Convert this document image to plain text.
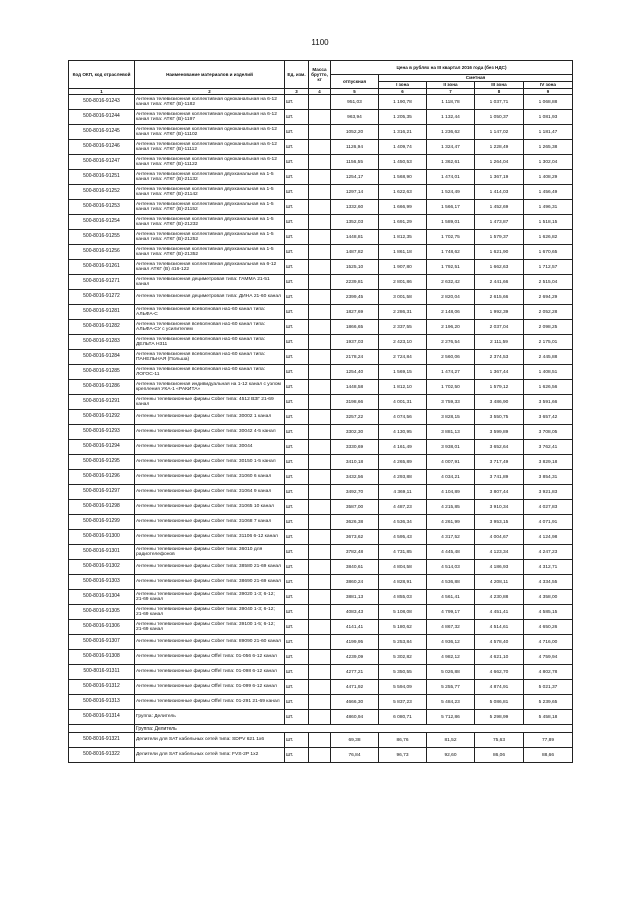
1100
Код ОКП, код отраслевой	Наименование материалов и изделий	Ед. изм.	Масса брутто, кг	Цена в рублях на III квартал 2016 года (без НДС)				
				отпускная	Сметная			
					I зона	II зона	III зона	IV зона
1	2	3	4	5	6	7	8	9
500-8016-91243	Антенна телевизионная коллективная одноканальная на 6-12 канал типа: АТКГ (В)-1182	шт.		951,03	1 190,78	1 118,78	1 037,71	1 068,88
500-8016-91244	Антенна телевизионная коллективная одноканальная на 6-12 канал типа: АТКГ (В)-1197	шт.		963,94	1 205,35	1 132,44	1 050,37	1 081,93
500-8016-91245	Антенна телевизионная коллективная одноканальная на 6-12 канал типа: АТКГ (В)-11102	шт.		1052,20	1 316,21	1 236,62	1 147,02	1 181,47
500-8016-91246	Антенна телевизионная коллективная одноканальная на 6-12 канал типа: АТКГ (В)-11112	шт.		1126,94	1 409,74	1 324,47	1 228,49	1 265,38
500-8016-91247	Антенна телевизионная коллективная одноканальная на 6-12 канал типа: АТКГ (В)-11122	шт.		1156,55	1 450,53	1 362,61	1 264,04	1 302,04
500-8016-91251	Антенна телевизионная коллективная двухканальная на 1-5 канал типа: АТКГ (В)-21132	шт.		1254,17	1 568,90	1 474,01	1 367,19	1 408,29
500-8016-91252	Антенна телевизионная коллективная двухканальная на 1-5 канал типа: АТКГ (В)-21142	шт.		1297,14	1 622,63	1 524,49	1 414,03	1 456,49
500-8016-91253	Антенна телевизионная коллективная двухканальная на 1-5 канал типа: АТКГ (В)-21152	шт.		1332,60	1 666,99	1 566,17	1 452,69	1 496,31
500-8016-91254	Антенна телевизионная коллективная двухканальная на 1-5 канал типа: АТКГ (В)-21232	шт.		1352,03	1 691,29	1 589,01	1 473,87	1 518,15
500-8016-91255	Антенна телевизионная коллективная двухканальная на 1-5 канал типа: АТКГ (В)-21252	шт.		1448,81	1 812,35	1 702,75	1 579,37	1 626,82
500-8016-91256	Антенна телевизионная коллективная двухканальная на 1-5 канал типа: АТКГ (В)-21352	шт.		1487,82	1 861,18	1 748,62	1 621,90	1 670,65
500-8016-91261	Антенна телевизионная коллективная двухканальная на 6-12 канал АТКГ (В) 416-122	шт.		1525,10	1 907,80	1 792,51	1 662,63	1 712,57
500-8016-91271	Антенна телевизионная дециметровая типа: ГАММА 21-51 канал	шт.		2239,81	2 801,86	2 632,42	2 441,66	2 515,04
500-8016-91272	Антенна телевизионная дециметровая типа: ДИНА 21-60 канал	шт.		2399,45	3 001,58	2 820,04	2 615,66	2 694,29
500-8016-91281	Антенна телевизионная всеволновая на1-60 канал типа: АЛЬФА-С	шт.		1827,69	2 286,31	2 148,06	1 992,39	2 052,28
500-8016-91282	Антенна телевизионная всеволновая на1-60 канал типа: АЛЬФА-СУ с усилителем	шт.		1866,65	2 337,55	2 196,20	2 037,04	2 098,25
500-8016-91283	Антенна телевизионная всеволновая на1-60 канал типа: ДЕЛЬТА Н311	шт.		1937,03	2 423,10	2 276,54	2 111,59	2 175,01
500-8016-91284	Антенна телевизионная всеволновая на1-60 канал типа: ПАНЕЛЬНАЯ (Польша)	шт.		2178,24	2 724,84	2 560,06	2 374,53	2 445,88
500-8016-91285	Антенна телевизионная всеволновая на1-60 канал типа: ЛОГОС-11	шт.		1254,40	1 569,15	1 474,27	1 367,44	1 408,51
500-8016-91286	Антенна телевизионная индивидуальная на 1-12 канал с узлом крепления УКА-1 «РАКИТА»	шт.		1448,58	1 812,10	1 702,50	1 579,12	1 626,56
500-8016-91291	Антенны телевизионные фирмы Cober типа: 4512 ВЗГ 21-69 канал	шт.		3198,66	4 001,31	3 759,33	3 486,90	3 591,66
500-8016-91292	Антенны телевизионные фирмы Cober типа: 30002 1 канал	шт.		3257,22	4 074,56	3 828,15	3 550,75	3 657,42
500-8016-91293	Антенны телевизионные фирмы Cober типа: 30042 4-5 канал	шт.		3302,30	4 130,95	3 881,13	3 599,89	3 708,05
500-8016-91294	Антенны телевизионные фирмы Cober типа: 30044	шт.		3330,69	4 161,49	3 938,01	3 652,64	3 762,41
500-8016-91295	Антенны телевизионные фирмы Cober типа: 30150 1-5 канал	шт.		3410,18	4 265,89	4 007,91	3 717,49	3 829,18
500-8016-91296	Антенны телевизионные фирмы Cober типа: 31060 6 канал	шт.		3432,56	4 293,88	4 034,21	3 741,89	3 854,31
500-8016-91297	Антенны телевизионные фирмы Cober типа: 31064 9 канал	шт.		3492,70	4 369,11	4 104,89	3 807,44	3 921,83
500-8016-91298	Антенны телевизионные фирмы Cober типа: 31065 10 канал	шт.		3587,00	4 487,23	4 215,85	3 910,34	4 027,83
500-8016-91299	Антенны телевизионные фирмы Cober типа: 31068 7 канал	шт.		3626,38	4 536,34	4 261,99	3 953,15	4 071,91
500-8016-91300	Антенны телевизионные фирмы Cober типа: 31106 6-12 канал	шт.		3673,62	4 595,43	4 317,52	4 004,67	4 124,98
500-8016-91301	Антенны телевизионные фирмы Cober типа: 36010 для радиотелефонов	шт.		3782,48	4 731,85	4 445,48	4 123,34	4 247,23
500-8016-91302	Антенны телевизионные фирмы Cober типа: 38580 21-69 канал	шт.		3840,61	4 804,58	4 514,03	4 186,93	4 312,71
500-8016-91303	Антенны телевизионные фирмы Cober типа: 38690 21-69 канал	шт.		3860,24	4 828,91	4 536,88	4 208,11	4 334,55
500-8016-91304	Антенны телевизионные фирмы Cober типа: 39020 1-3; 6-12; 21-69 канал	шт.		3881,13	4 855,03	4 561,41	4 230,88	4 358,00
500-8016-91305	Антенны телевизионные фирмы Cober типа: 39040 1-3; 6-12; 21-69 канал	шт.		4083,43	5 108,08	4 799,17	4 451,41	4 585,15
500-8016-91306	Антенны телевизионные фирмы Cober типа: 39100 1-5; 6-12; 21-69 канал	шт.		4141,41	5 180,62	4 867,32	4 514,61	4 650,26
500-8016-91307	Антенны телевизионные фирмы Cober типа: 89090 21-60 канал	шт.		4199,95	5 253,84	4 936,12	4 578,40	4 716,00
500-8016-91308	Антенны телевизионные фирмы Offel типа: 01-056 6-12 канал	шт.		4239,09	5 302,82	4 982,12	4 621,10	4 759,94
500-8016-91311	Антенны телевизионные фирмы Offel типа: 01-098 6-12 канал	шт.		4277,21	5 350,55	5 026,88	4 662,70	4 802,78
500-8016-91312	Антенны телевизионные фирмы Offel типа: 01-099 6-12 канал	шт.		4471,92	5 594,09	5 255,77	4 874,91	5 021,37
500-8016-91313	Антенны телевизионные фирмы Offel типа: 01-291 21-69 канал	шт.		4666,30	5 837,23	5 484,23	5 086,81	5 239,65
500-8016-91314	Группа: Делитель	шт.		4860,94	6 080,71	5 712,86	5 298,99	5 458,18
	Группа: Делитель							
500-8016-91321	Делители для SAT кабельных сетей типа: SDPV 621 1x6	шт.		69,38	86,76	81,52	75,63	77,89
500-8016-91322	Делители для SAT кабельных сетей типа: FVS-2P 1x2	шт.		76,84	96,73	92,60	86,06	88,66
